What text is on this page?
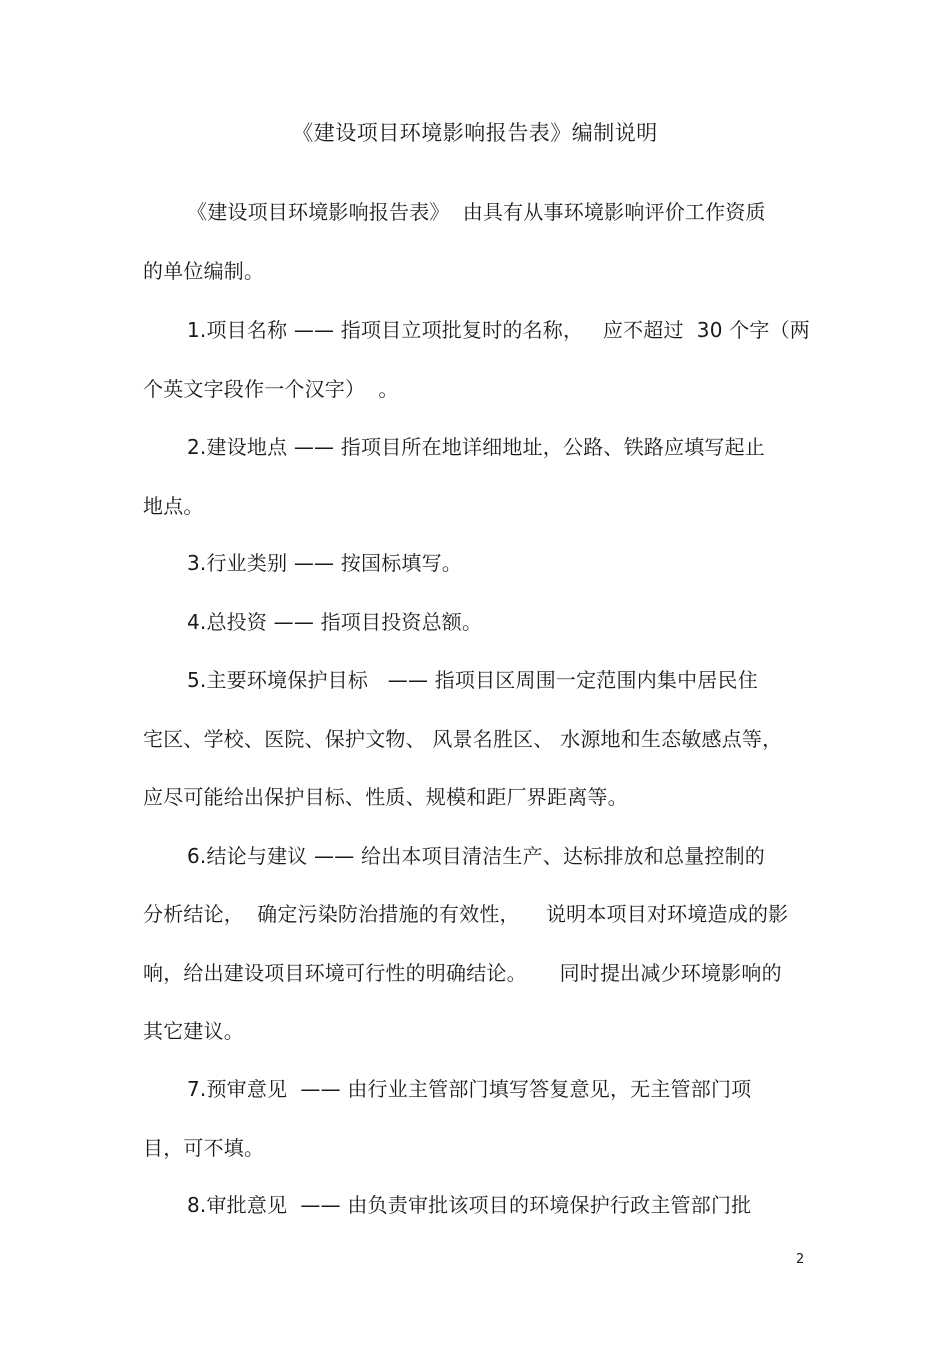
《建设项目环境影响报告表》编制说明
《建设项目环境影响报告表》  由具有从事环境影响评价工作资质
的单位编制。
1.项目名称 —— 指项目立项批复时的名称，   应不超过  30 个字（两
个英文字段作一个汉字）  。
2.建设地点 —— 指项目所在地详细地址，公路、铁路应填写起止
地点。
3.行业类别 —— 按国标填写。
4.总投资 —— 指项目投资总额。
5.主要环境保护目标   —— 指项目区周围一定范围内集中居民住
宅区、学校、医院、保护文物、 风景名胜区、 水源地和生态敏感点等，
应尽可能给出保护目标、性质、规模和距厂界距离等。
6.结论与建议 —— 给出本项目清洁生产、达标排放和总量控制的
分析结论，  确定污染防治措施的有效性，    说明本项目对环境造成的影
响，给出建设项目环境可行性的明确结论。     同时提出减少环境影响的
其它建议。
7.预审意见  —— 由行业主管部门填写答复意见，无主管部门项
目，可不填。
8.审批意见  —— 由负责审批该项目的环境保护行政主管部门批
2
